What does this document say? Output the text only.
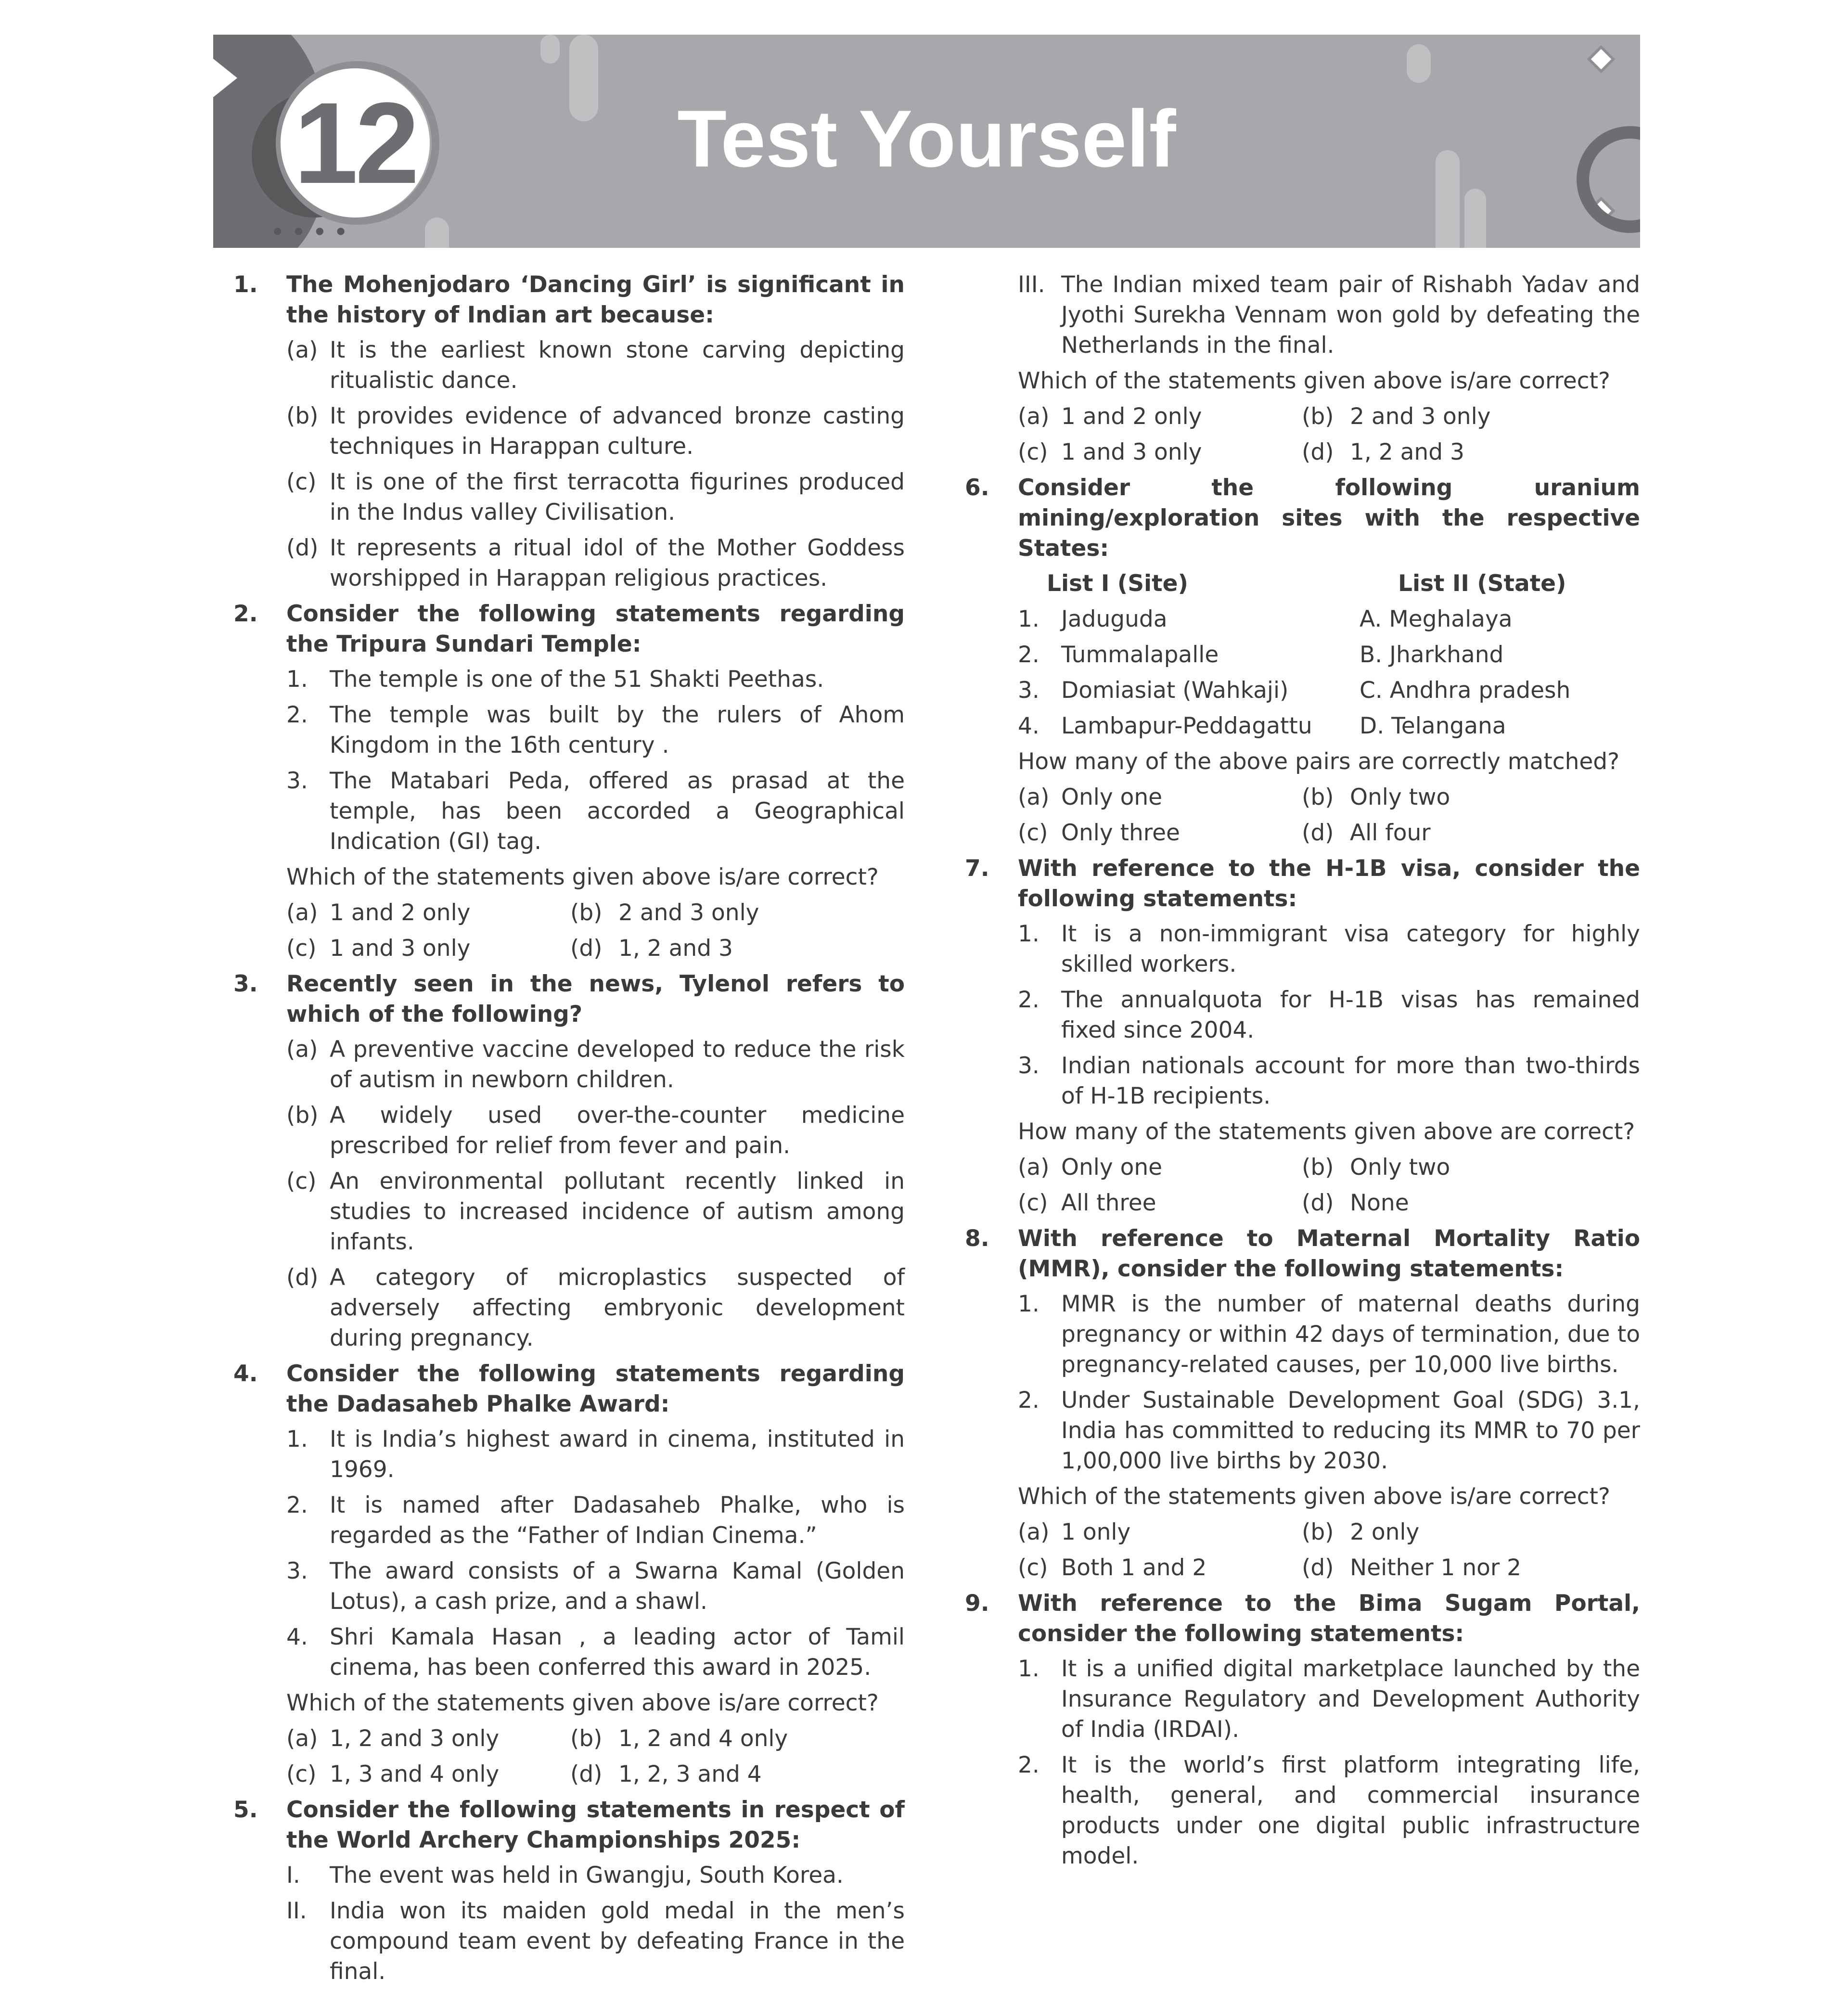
12
● ● ● ●
Test Yourself
1.	The Mohenjodaro ‘Dancing Girl’ is significant in the history of Indian art because:
(a) It is the earliest known stone carving depicting ritualistic dance.
(b) It provides evidence of advanced bronze casting techniques in Harappan culture.
(c) It is one of the first terracotta figurines produced in the Indus valley Civilisation.
(d) It represents a ritual idol of the Mother Goddess worshipped in Harappan religious practices.
2.	Consider the following statements regarding the Tripura Sundari Temple:
1. The temple is one of the 51 Shakti Peethas.
2. The temple was built by the rulers of Ahom Kingdom in the 16th century .
3. The Matabari Peda, offered as prasad at the temple, has been accorded a Geographical Indication (GI) tag.
Which of the statements given above is/are correct?
(a) 1 and 2 only	(b) 2 and 3 only
(c) 1 and 3 only	(d) 1, 2 and 3
3.	Recently seen in the news, Tylenol refers to which of the following?
(a) A preventive vaccine developed to reduce the risk of autism in newborn children.
(b) A widely used over-the-counter medicine prescribed for relief from fever and pain.
(c) An environmental pollutant recently linked in studies to increased incidence of autism among infants.
(d) A category of microplastics suspected of adversely affecting embryonic development during pregnancy.
4.	Consider the following statements regarding the Dadasaheb Phalke Award:
1. It is India’s highest award in cinema, instituted in 1969.
2. It is named after Dadasaheb Phalke, who is regarded as the “Father of Indian Cinema.”
3. The award consists of a Swarna Kamal (Golden Lotus), a cash prize, and a shawl.
4. Shri Kamala Hasan , a leading actor of Tamil cinema, has been conferred this award in 2025.
Which of the statements given above is/are correct?
(a) 1, 2 and 3 only	(b) 1, 2 and 4 only
(c) 1, 3 and 4 only	(d) 1, 2, 3 and 4
5.	Consider the following statements in respect of the World Archery Championships 2025:
I.	The event was held in Gwangju, South Korea.
II.	India won its maiden gold medal in the men’s compound team event by defeating France in the final.
III. The Indian mixed team pair of Rishabh Yadav and Jyothi Surekha Vennam won gold by defeating the Netherlands in the final.
Which of the statements given above is/are correct?
(a) 1 and 2 only	(b) 2 and 3 only
(c) 1 and 3 only	(d) 1, 2 and 3
6.	Consider the following uranium mining/exploration sites with the respective States:
List I (Site)	List II (State)
1. Jaduguda	A. Meghalaya
2. Tummalapalle	B. Jharkhand
3. Domiasiat (Wahkaji)	C. Andhra pradesh
4. Lambapur-Peddagattu	D. Telangana
How many of the above pairs are correctly matched?
(a) Only one	(b) Only two
(c) Only three	(d) All four
7.	With reference to the H-1B visa, consider the following statements:
1. It is a non-immigrant visa category for highly skilled workers.
2. The annualquota for H-1B visas has remained fixed since 2004.
3. Indian nationals account for more than two-thirds of H-1B recipients.
How many of the statements given above are correct?
(a) Only one	(b) Only two
(c) All three	(d) None
8.	With reference to Maternal Mortality Ratio (MMR), consider the following statements:
1. MMR is the number of maternal deaths during pregnancy or within 42 days of termination, due to pregnancy-related causes, per 10,000 live births.
2. Under Sustainable Development Goal (SDG) 3.1, India has committed to reducing its MMR to 70 per 1,00,000 live births by 2030.
Which of the statements given above is/are correct?
(a) 1 only	(b) 2 only
(c) Both 1 and 2	(d) Neither 1 nor 2
9.	With reference to the Bima Sugam Portal, consider the following statements:
1. It is a unified digital marketplace launched by the Insurance Regulatory and Development Authority of India (IRDAI).
2. It is the world’s first platform integrating life, health, general, and commercial insurance products under one digital public infrastructure model.
